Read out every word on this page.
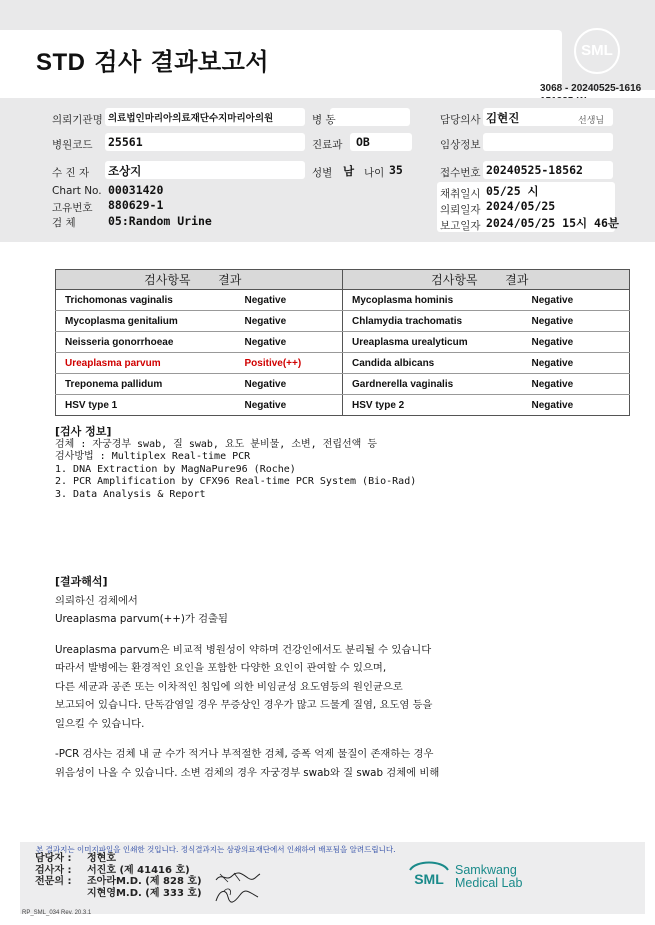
STD 검사 결과보고서	SML
3068 - 20240525-1616
의뢰기관명 의료법인마리아의료재단수지마리아의원	병 동	담당의사 김현진	선생님
병원코드 25561	진료과 OB	임상정보
수 진 자 조상지	성별 남 나이 35	접수번호 20240525-18562
Chart No. 00031420
고유번호 880629-1
검 체	05:Random Urine
채취일시 05/25 시
의뢰일자 2024/05/25
보고일자 2024/05/25 15시 46분
검사항목 결과		검사항목 결과	
Trichomonas vaginalis	Negative	Mycoplasma hominis	Negative
Mycoplasma genitalium	Negative	Chlamydia trachomatis	Negative
Neisseria gonorrhoeae	Negative	Ureaplasma urealyticum	Negative
Ureaplasma parvum	Positive(++)	Candida albicans	Negative
Treponema pallidum	Negative	Gardnerella vaginalis	Negative
HSV type 1	Negative	HSV type 2	Negative
[검사 정보]
검체 : 자궁경부 swab, 질 swab, 요도 분비물, 소변, 전립선액 등
검사방법 : Multiplex Real-time PCR
1. DNA Extraction by MagNaPure96 (Roche)
2. PCR Amplification by CFX96 Real-time PCR System (Bio-Rad)
3. Data Analysis & Report
[결과해석]
의뢰하신 검체에서
Ureaplasma parvum(++)가 검출됨
Ureaplasma parvum은 비교적 병원성이 약하며 건강인에서도 분리될 수 있습니다
따라서 발병에는 환경적인 요인을 포함한 다양한 요인이 관여할 수 있으며,
다른 세균과 공존 또는 이차적인 침입에 의한 비임균성 요도염등의 원인균으로
보고되어 있습니다. 단독감염일 경우 무증상인 경우가 많고 드물게 질염, 요도염 등을
일으킬 수 있습니다.
-PCR 검사는 검체 내 균 수가 적거나 부적절한 검체, 증폭 억제 물질이 존재하는 경우
위음성이 나올 수 있습니다. 소변 검체의 경우 자궁경부 swab와 질 swab 검체에 비해
본 결과지는 이미지파일을 인쇄한 것입니다. 정식결과지는 삼광의료재단에서 인쇄하여 배포됨을 알려드립니다.
담당자 : 정현호
검사자 : 서진호 (제 41416 호)
전문의 : 조아라M.D. (제 828 호)
지현영M.D. (제 333 호)
SML
Samkwang
Medical Lab
RP_SML_034 Rev. 20.3.1
